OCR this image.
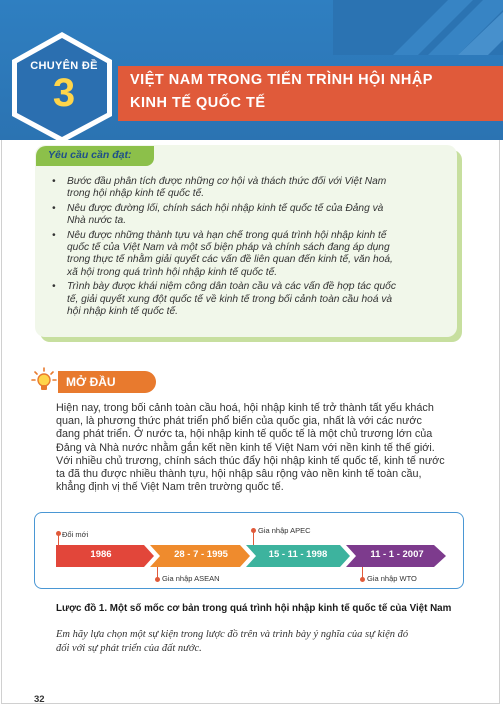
CHUYÊN ĐỀ
3	VIỆT NAM TRONG TIẾN TRÌNH HỘI NHẬP
KINH TẾ QUỐC TẾ
Yêu cầu cần đạt:
• Bước đầu phân tích được những cơ hội và thách thức đối với Việt Nam
trong hội nhập kinh tế quốc tế.
• Nêu được đường lối, chính sách hội nhập kinh tế quốc tế của Đảng và
Nhà nước ta.
• Nêu được những thành tựu và hạn chế trong quá trình hội nhập kinh tế
quốc tế của Việt Nam và một số biện pháp và chính sách đang áp dụng
trong thực tế nhằm giải quyết các vấn đề liên quan đến kinh tế, văn hoá,
xã hội trong quá trình hội nhập kinh tế quốc tế.
• Trình bày được khái niệm công dân toàn cầu và các vấn đề hợp tác quốc
tế, giải quyết xung đột quốc tế về kinh tế trong bối cảnh toàn cầu hoá và
hội nhập kinh tế quốc tế.
MỞ ĐẦU

Hiện nay, trong bối cảnh toàn cầu hoá, hội nhập kinh tế trở thành tất yếu khách

quan, là phương thức phát triển phổ biến của quốc gia, nhất là với các nước

đang phát triển. Ở nước ta, hội nhập kinh tế quốc tế là một chủ trương lớn của

Đảng và Nhà nước nhằm gắn kết nền kinh tế Việt Nam với nền kinh tế thế giới.

Với nhiều chủ trương, chính sách thúc đẩy hội nhập kinh tế quốc tế, kinh tế nước

ta đã thu được nhiều thành tựu, hội nhập sâu rộng vào nền kinh tế toàn cầu,

khẳng định vị thế Việt Nam trên trường quốc tế.

1986	28 - 7 - 1995	15 - 11 - 1998	11 - 1 - 2007
Đổi mới
Gia nhập ASEAN
Gia nhập APEC
Gia nhập WTO
Lược đồ 1. Một số mốc cơ bản trong quá trình hội nhập kinh tế quốc tế của Việt Nam
Em hãy lựa chọn một sự kiện trong lược đồ trên và trình bày ý nghĩa của sự kiện đó
đối với sự phát triển của đất nước.
32
